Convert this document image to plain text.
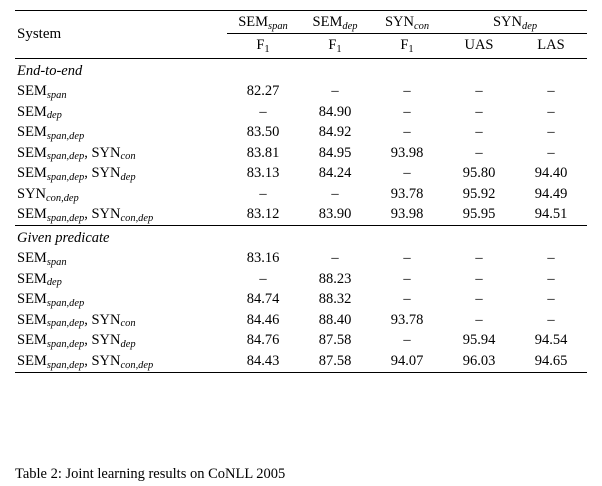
System	$SEM_{span}$	$SEM_{dep}$	$SYN_{con}$	$SYN_{dep}$
	$F_1$	$F_1$	$F_1$	UAS	LAS
End-to-end					
$SEM_{span}$	82.27	–	–	–	–
$SEM_{dep}$	–	84.90	–	–	–
$SEM_{span,dep}$	83.50	84.92	–	–	–
$SEM_{span,dep}$, $SYN_{con}$	83.81	84.95	93.98	–	–
$SEM_{span,dep}$, $SYN_{dep}$	83.13	84.24	–	95.80	94.40
$SYN_{con,dep}$	–	–	93.78	95.92	94.49
$SEM_{span,dep}$, $SYN_{con,dep}$	83.12	83.90	93.98	95.95	94.51
Given predicate					
$SEM_{span}$	83.16	–	–	–	–
$SEM_{dep}$	–	88.23	–	–	–
$SEM_{span,dep}$	84.74	88.32	–	–	–
$SEM_{span,dep}$, $SYN_{con}$	84.46	88.40	93.78	–	–
$SEM_{span,dep}$, $SYN_{dep}$	84.76	87.58	–	95.94	94.54
$SEM_{span,dep}$, $SYN_{con,dep}$	84.43	87.58	94.07	96.03	94.65
Table 2: Joint learning results on CoNLL 2005
